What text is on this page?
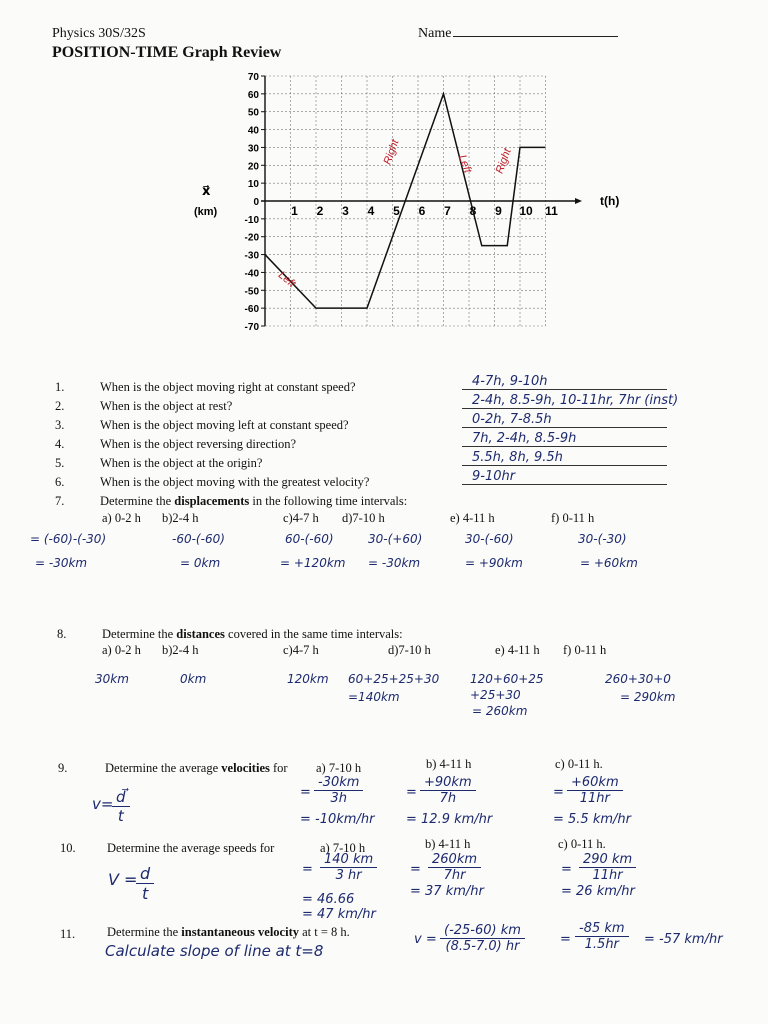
Physics 30S/32S
POSITION-TIME Graph Review
Name
70
60
50
40
30
20
10
0
-10
-20
-30
-40
-50
-60
-70
1 2 3 4 5 6 7 8 9 10 11
Left
Right	Left Right
t(h)
x⃗
(km)
1.	When is the object moving right at constant speed?	4-7h, 9-10h
2.	When is the object at rest?	2-4h, 8.5-9h, 10-11hr, 7hr (inst)
3.	When is the object moving left at constant speed?	0-2h, 7-8.5h
4.	When is the object reversing direction?	7h, 2-4h, 8.5-9h
5.	When is the object at the origin?	5.5h, 8h, 9.5h
6.	When is the object moving with the greatest velocity?	9-10hr
7.	Determine the displacements in the following time intervals:
a) 0-2 h
= (-60)-(-30)
= -30km
b)2-4 h
-60-(-60)
= 0km
c)4-7 h
60-(-60)
= +120km
d)7-10 h
30-(+60)
= -30km
e) 4-11 h
30-(-60)
= +90km
f) 0-11 h
30-(-30)
= +60km
8.	Determine the distances covered in the same time intervals:
a) 0-2 h
30km
b)2-4 h
0km
c)4-7 h
120km
d)7-10 h
60+25+25+30
=140km
e) 4-11 h
120+60+25
+25+30
= 260km
f) 0-11 h
260+30+0
= 290km
9.	Determine the average velocities for
v=
$\frac{d⃗}{t}$
a) 7-10 h
= $\frac{-30km}{3h}$
= -10km/hr
b) 4-11 h
= $\frac{+90km}{7h}$
= 12.9 km/hr
c) 0-11 h.
= $\frac{+60km}{11hr}$
= 5.5 km/hr
10.	Determine the average speeds for
V =
$\frac{d}{t}$
a) 7-10 h
= $\frac{140 km}{3 hr}$
= 46.66
= 47 km/hr
b) 4-11 h
= $\frac{260km}{7hr}$
= 37 km/hr
c) 0-11 h.
= $\frac{290 km}{11hr}$
= 26 km/hr
11.	Determine the instantaneous velocity at t = 8 h.
Calculate slope of line at t=8
$v = \frac{(-25-60) km}{(8.5-7.0) hr}$	= $\frac{-85 km}{1.5hr} = -57$ km/hr
